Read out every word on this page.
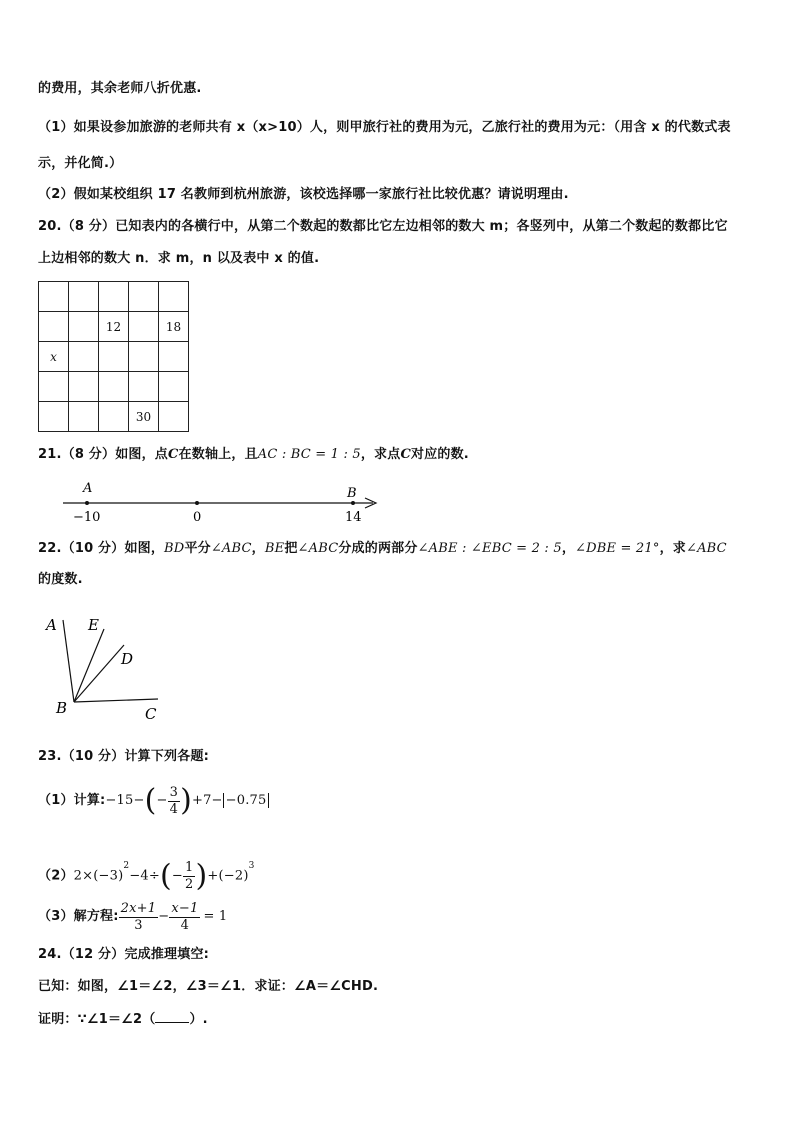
的费用，其余老师八折优惠.
（1）如果设参加旅游的老师共有 x（x>10）人，则甲旅行社的费用为元，乙旅行社的费用为元：（用含 x 的代数式表
示，并化简.）
（2）假如某校组织 17 名教师到杭州旅游，该校选择哪一家旅行社比较优惠？请说明理由.
20.（8 分）已知表内的各横行中，从第二个数起的数都比它左边相邻的数大 m；各竖列中，从第二个数起的数都比它
上边相邻的数大 n．求 m，n 以及表中 x 的值.

		12		18
x				

			30	
21.（8 分）如图，点C在数轴上，且AC : BC = 1 : 5，求点C对应的数.
A	B
−10	0	14
22.（10 分）如图，BD平分∠ABC，BE把∠ABC分成的两部分∠ABE : ∠EBC = 2 : 5，∠DBE = 21°，求∠ABC
的度数.
A E
D
B	C
23.（10 分）计算下列各题:
（1）计算:−15−(− $\frac{3}{4} )+7- -0.75$
$(2)2\times(-3)^2-4\div(- \frac{1}{2} )+(-2)^3$
（3）解方程: $\frac{2x+1}{3} - \frac{x-1}{4} = 1$
24.（12 分）完成推理填空:
已知：如图，∠1＝∠2，∠3＝∠1．求证：∠A＝∠CHD.
证明：∵∠1＝∠2（	）.
